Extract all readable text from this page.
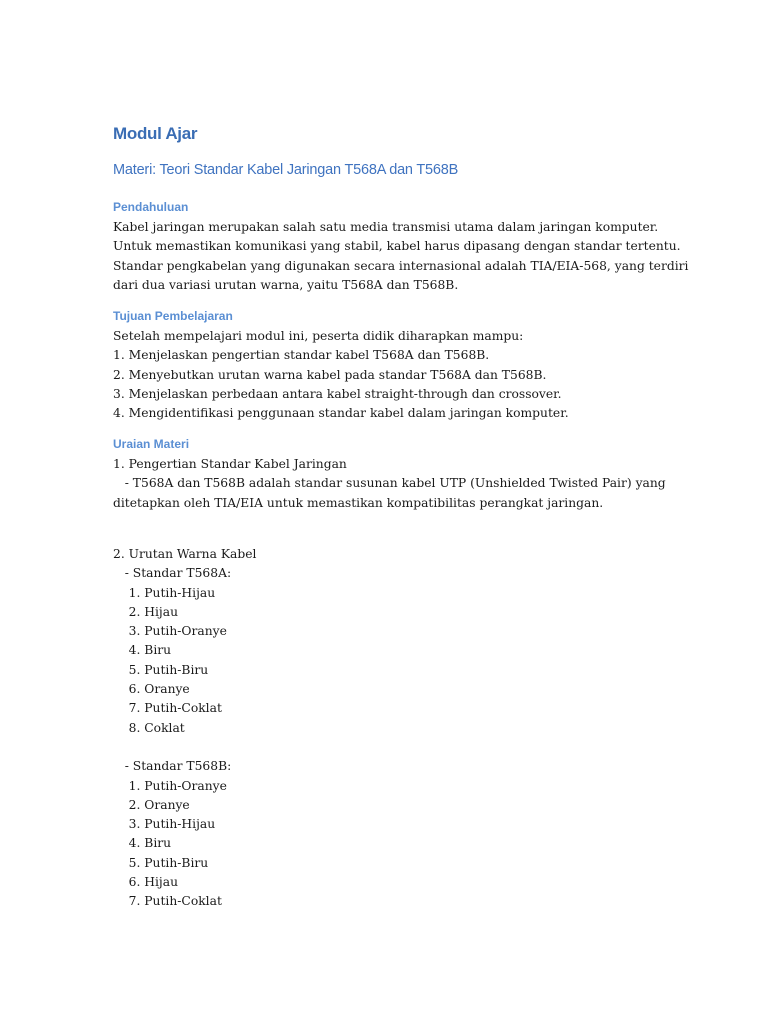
Modul Ajar
Materi: Teori Standar Kabel Jaringan T568A dan T568B
Pendahuluan
Kabel jaringan merupakan salah satu media transmisi utama dalam jaringan komputer.
Untuk memastikan komunikasi yang stabil, kabel harus dipasang dengan standar tertentu.
Standar pengkabelan yang digunakan secara internasional adalah TIA/EIA-568, yang terdiri
dari dua variasi urutan warna, yaitu T568A dan T568B.
Tujuan Pembelajaran
Setelah mempelajari modul ini, peserta didik diharapkan mampu:
1. Menjelaskan pengertian standar kabel T568A dan T568B.
2. Menyebutkan urutan warna kabel pada standar T568A dan T568B.
3. Menjelaskan perbedaan antara kabel straight-through dan crossover.
4. Mengidentifikasi penggunaan standar kabel dalam jaringan komputer.
Uraian Materi
1. Pengertian Standar Kabel Jaringan
- T568A dan T568B adalah standar susunan kabel UTP (Unshielded Twisted Pair) yang
ditetapkan oleh TIA/EIA untuk memastikan kompatibilitas perangkat jaringan.
2. Urutan Warna Kabel
- Standar T568A:
1. Putih-Hijau
2. Hijau
3. Putih-Oranye
4. Biru
5. Putih-Biru
6. Oranye
7. Putih-Coklat
8. Coklat
- Standar T568B:
1. Putih-Oranye
2. Oranye
3. Putih-Hijau
4. Biru
5. Putih-Biru
6. Hijau
7. Putih-Coklat
